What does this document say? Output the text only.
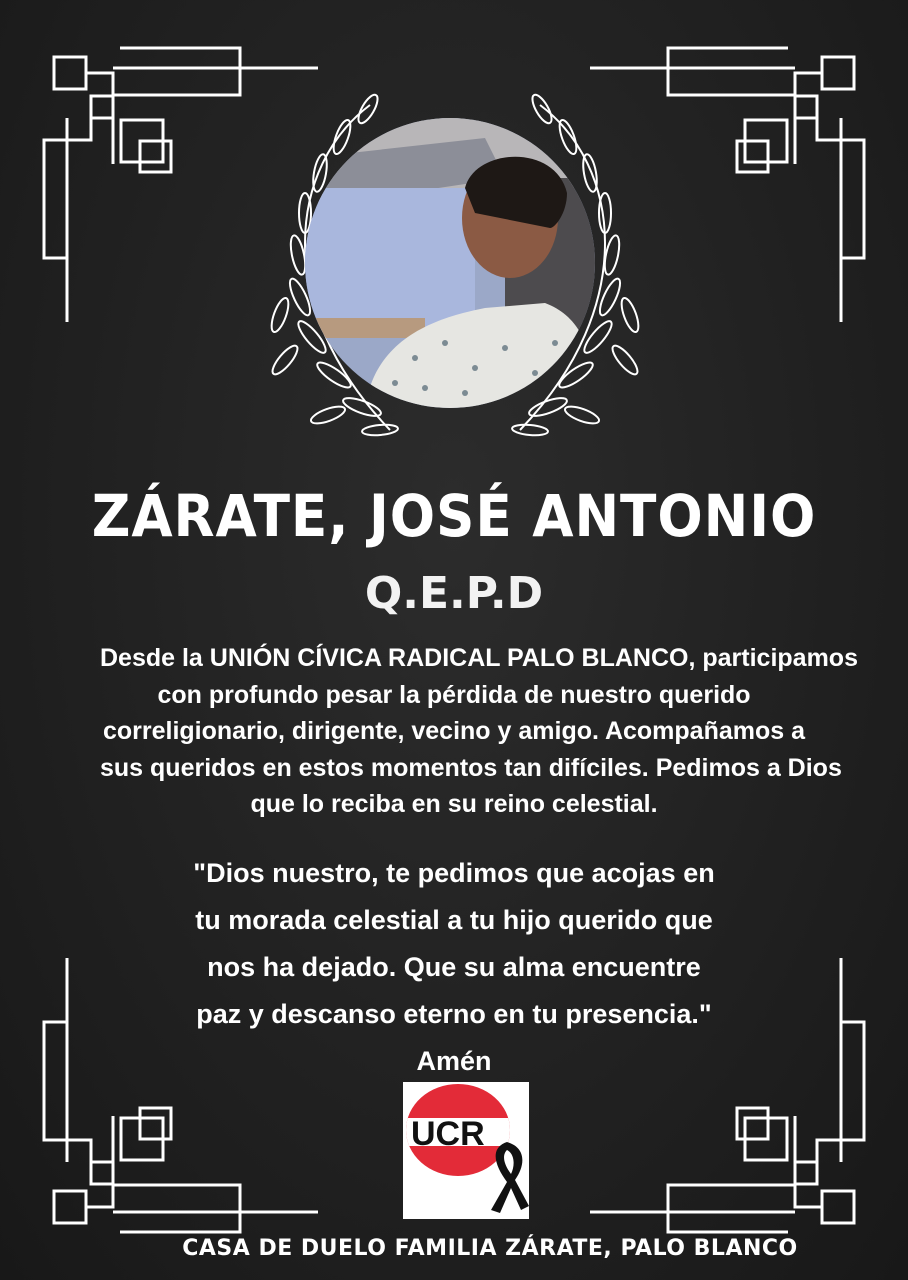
ZÁRATE, JOSÉ ANTONIO
Q.E.P.D

Desde la UNIÓN CÍVICA RADICAL PALO BLANCO, participamos

con profundo pesar la pérdida de nuestro querido

correligionario, dirigente, vecino y amigo. Acompañamos a

sus queridos en estos momentos tan difíciles. Pedimos a Dios

que lo reciba en su reino celestial.

"Dios nuestro, te pedimos que acojas en

tu morada celestial a tu hijo querido que

nos ha dejado. Que su alma encuentre

paz y descanso eterno en tu presencia."

Amén

UCR
CASA DE DUELO FAMILIA ZÁRATE, PALO BLANCO
